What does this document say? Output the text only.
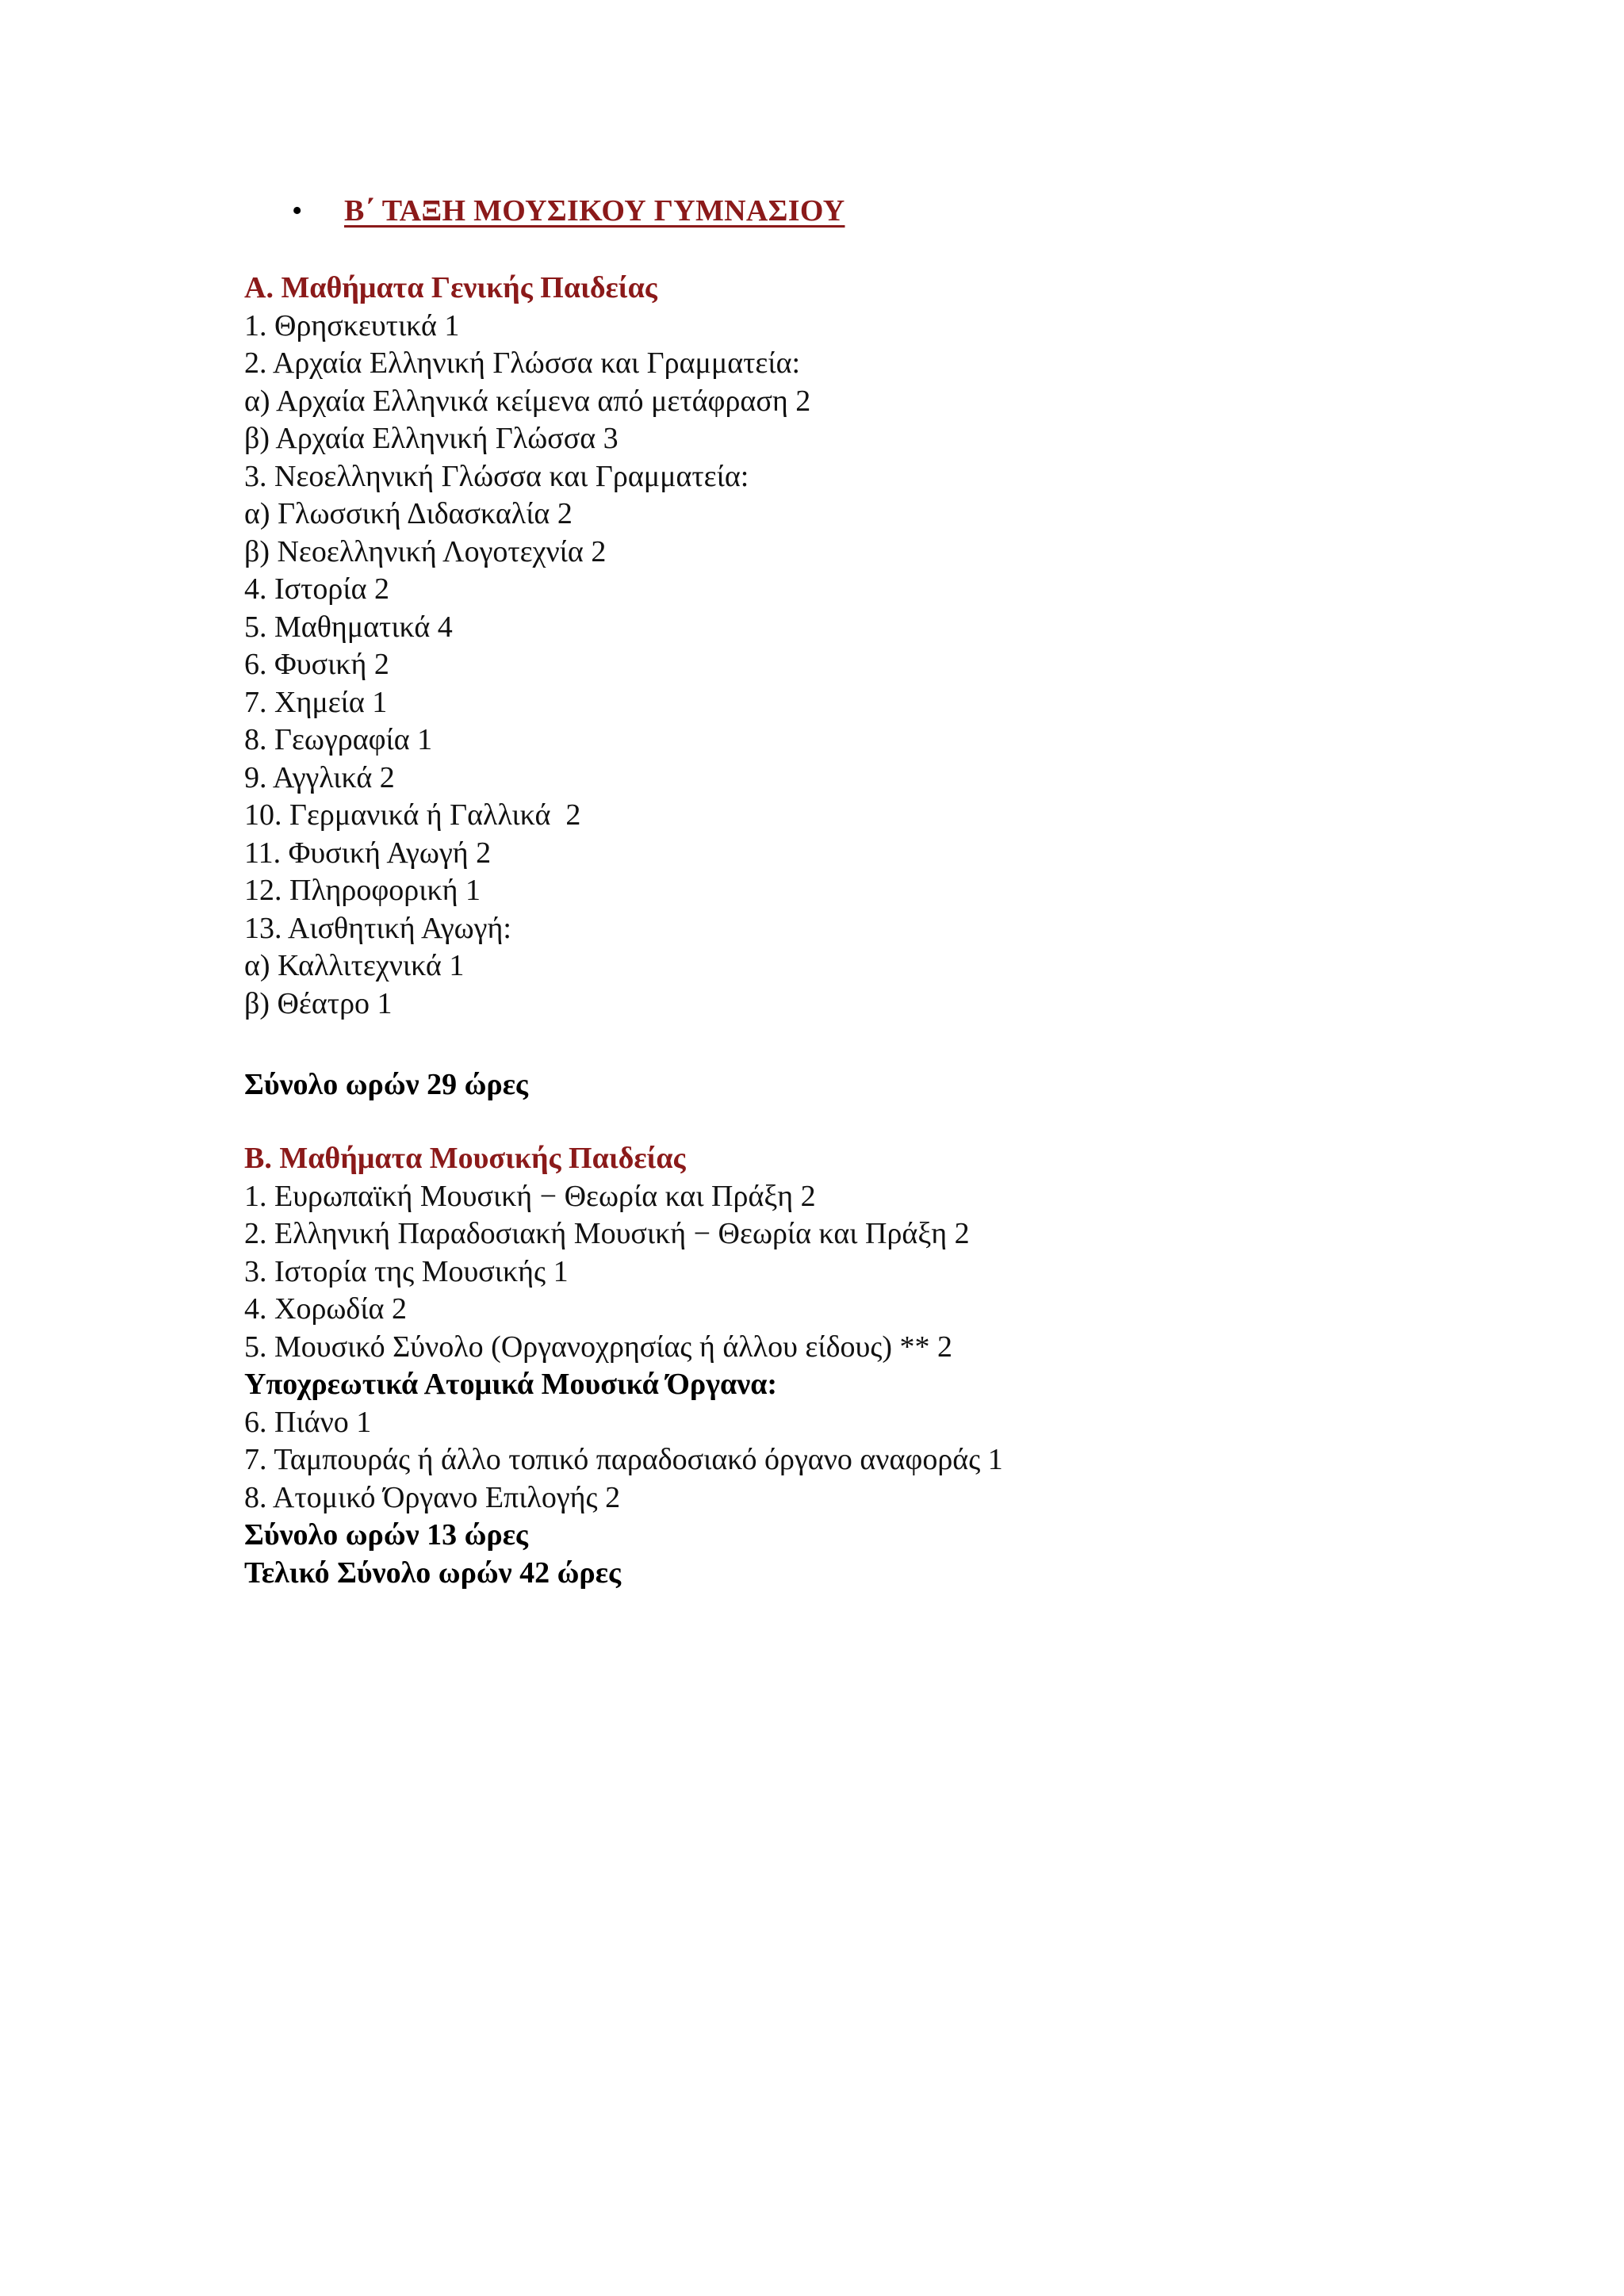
•	Β΄ ΤΑΞΗ ΜΟΥΣΙΚΟΥ ΓΥΜΝΑΣΙΟΥ
Α. Μαθήματα Γενικής Παιδείας
1. Θρησκευτικά 1
2. Αρχαία Ελληνική Γλώσσα και Γραμματεία:
α) Αρχαία Ελληνικά κείμενα από μετάφραση 2
β) Αρχαία Ελληνική Γλώσσα 3
3. Νεοελληνική Γλώσσα και Γραμματεία:
α) Γλωσσική Διδασκαλία 2
β) Νεοελληνική Λογοτεχνία 2
4. Ιστορία 2
5. Μαθηματικά 4
6. Φυσική 2
7. Χημεία 1
8. Γεωγραφία 1
9. Αγγλικά 2
10. Γερμανικά ή Γαλλικά  2
11. Φυσική Αγωγή 2
12. Πληροφορική 1
13. Αισθητική Αγωγή:
α) Καλλιτεχνικά 1
β) Θέατρο 1
Σύνολο ωρών 29 ώρες
Β. Μαθήματα Μουσικής Παιδείας
1. Ευρωπαϊκή Μουσική − Θεωρία και Πράξη 2
2. Ελληνική Παραδοσιακή Μουσική − Θεωρία και Πράξη 2
3. Ιστορία της Μουσικής 1
4. Χορωδία 2
5. Μουσικό Σύνολο (Οργανοχρησίας ή άλλου είδους) ** 2
Υποχρεωτικά Ατομικά Μουσικά Όργανα:
6. Πιάνο 1
7. Ταμπουράς ή άλλο τοπικό παραδοσιακό όργανο αναφοράς 1
8. Ατομικό Όργανο Επιλογής 2
Σύνολο ωρών 13 ώρες
Τελικό Σύνολο ωρών 42 ώρες
